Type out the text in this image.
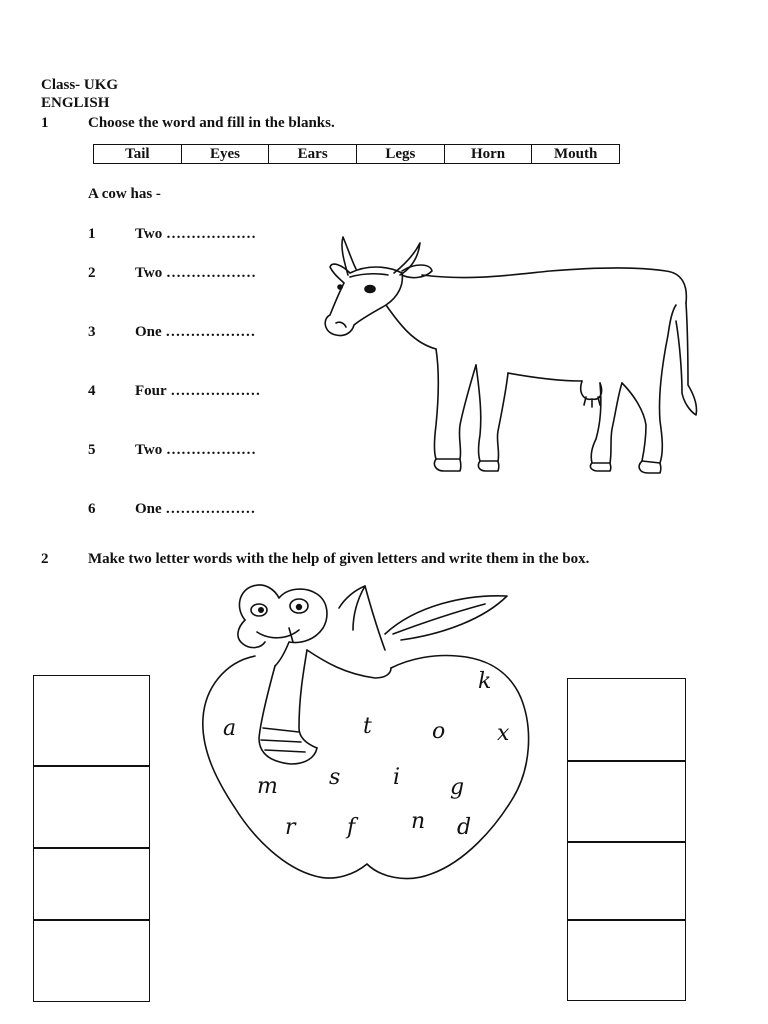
Class- UKG
ENGLISH
1	Choose the word and fill in the blanks.
Tail	Eyes	Ears	Legs	Horn	Mouth
A cow has -
1	Two ………………
2	Two ………………
3	One ………………
4	Four ………………
5	Two ………………
6	One ………………
2	Make two letter words with the help of given letters and write them in the box.
k
a	t	o x
m s i g
r f	n d
